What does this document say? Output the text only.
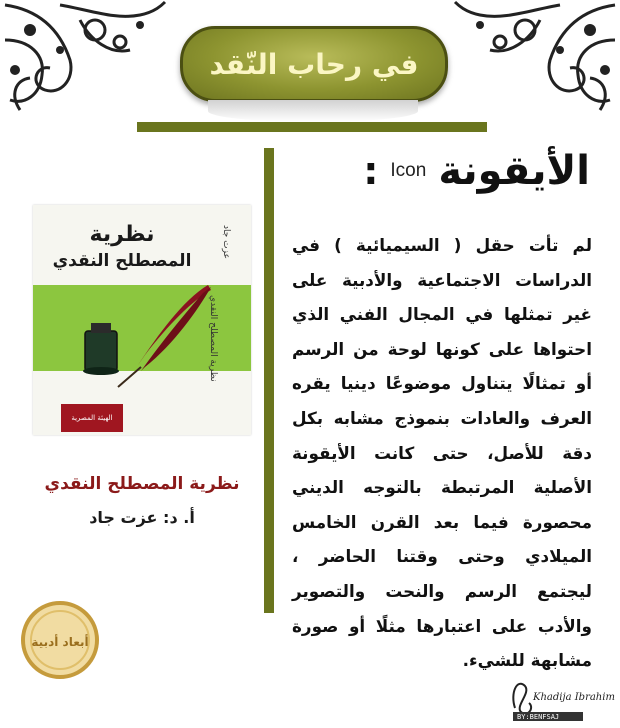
في رحاب النّقد
الأيقونة
Icon
:
لم تأت حقل ( السيميائية ) في الدراسات الاجتماعية والأدبية على غير تمثلها في المجال الفني الذي احتواها على كونها لوحة من الرسم أو تمثالًا يتناول موضوعًا دينيا يقره العرف والعادات بنموذج مشابه بكل دقة للأصل، حتى كانت الأيقونة الأصلية المرتبطة بالتوجه الديني محصورة فيما بعد القرن الخامس الميلادي وحتى وقتنا الحاضر ، ليجتمع الرسم والنحت والتصوير والأدب على اعتبارها مثلًا أو صورة مشابهة للشيء.
نظرية
المصطلح النقدي
عزت جاد
نظرية المصطلح النقدي
الهيئة المصرية
نظرية المصطلح النقدي
أ. د: عزت جاد
أبعاد أدبية
Khadija Ibrahim
BY:BENFSAJ
